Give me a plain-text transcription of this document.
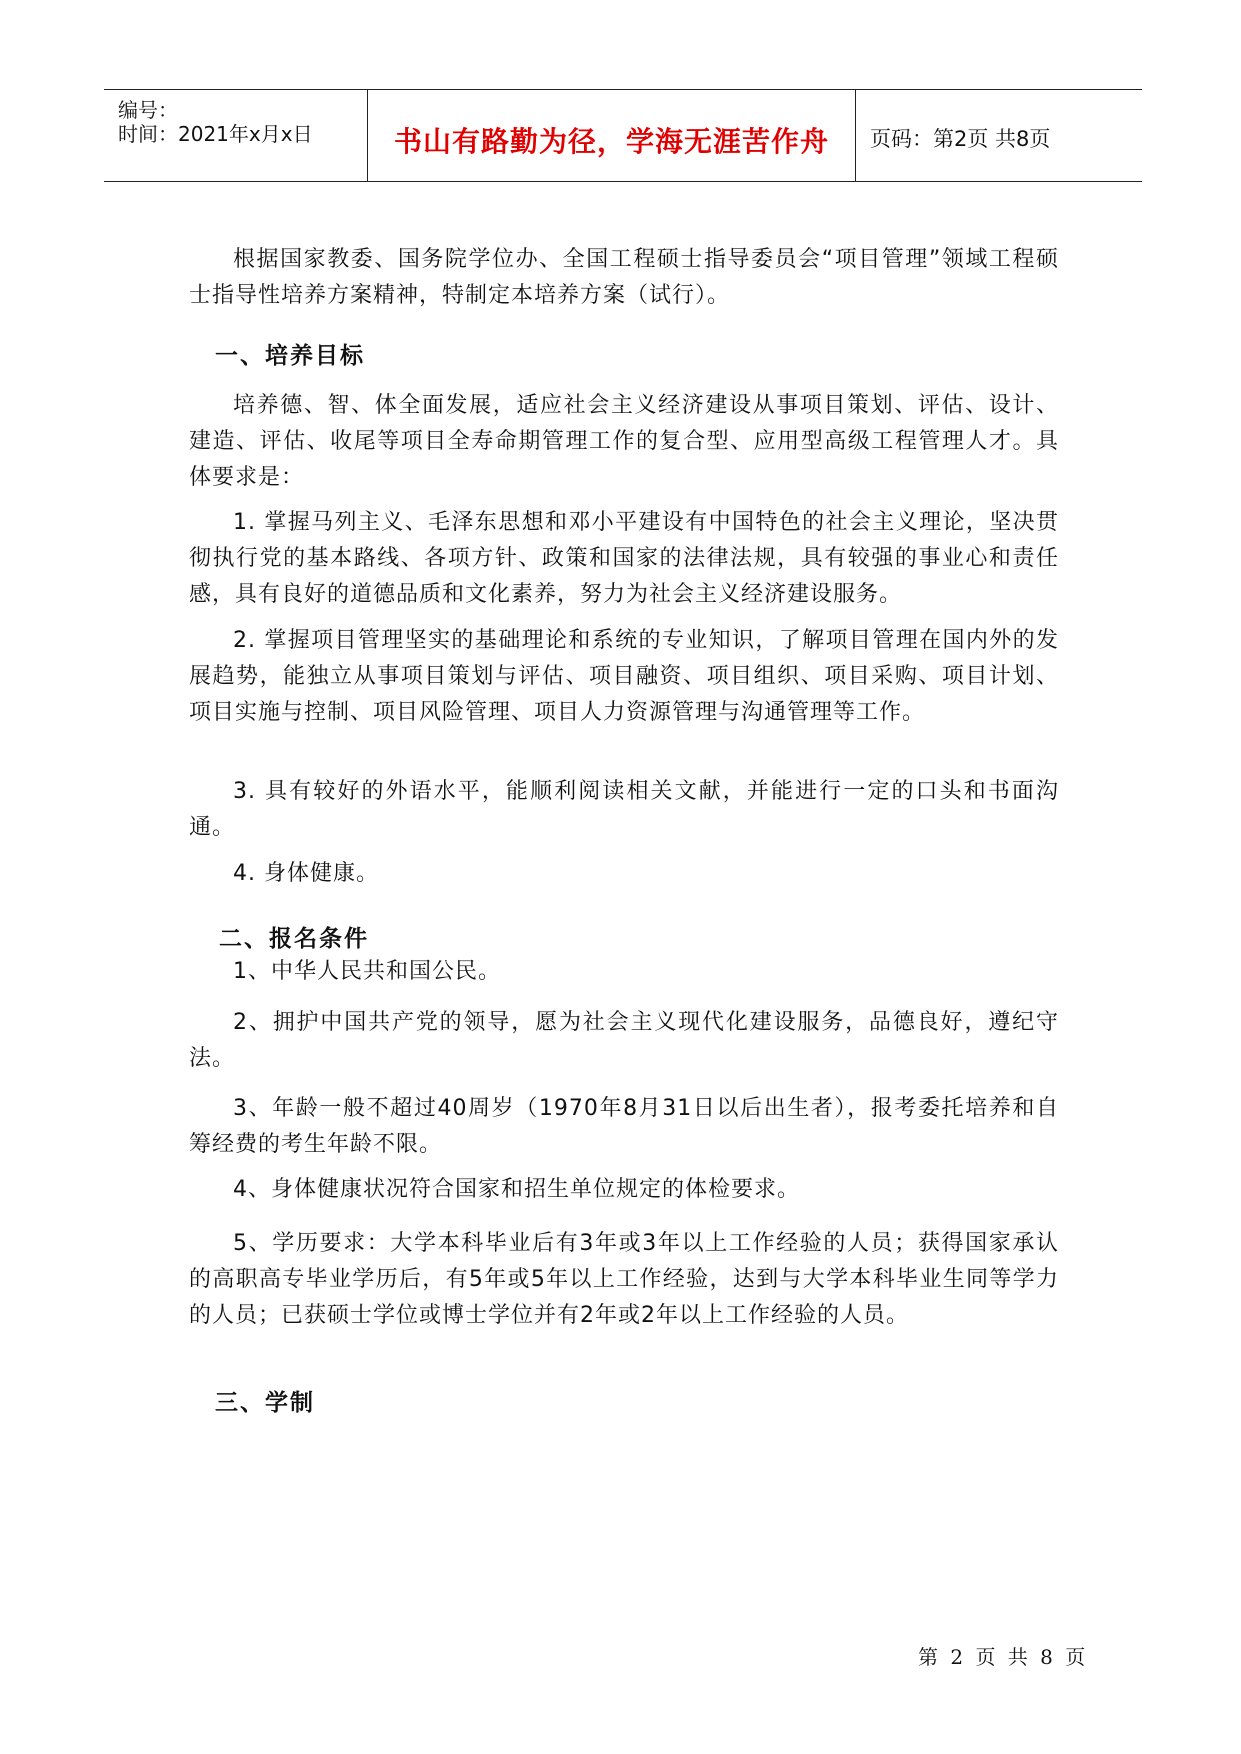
编号：
时间：2021年x月x日	书山有路勤为径，学海无涯苦作舟	页码：第2页 共8页

根据国家教委、国务院学位办、全国工程硕士指导委员会“项目管理”领域工程硕士指导性培养方案精神，特制定本培养方案（试行）。

一、培养目标

培养德、智、体全面发展，适应社会主义经济建设从事项目策划、评估、设计、建造、评估、收尾等项目全寿命期管理工作的复合型、应用型高级工程管理人才。具体要求是：

1. 掌握马列主义、毛泽东思想和邓小平建设有中国特色的社会主义理论，坚决贯彻执行党的基本路线、各项方针、政策和国家的法律法规，具有较强的事业心和责任感，具有良好的道德品质和文化素养，努力为社会主义经济建设服务。

2. 掌握项目管理坚实的基础理论和系统的专业知识，了解项目管理在国内外的发展趋势，能独立从事项目策划与评估、项目融资、项目组织、项目采购、项目计划、项目实施与控制、项目风险管理、项目人力资源管理与沟通管理等工作。

3. 具有较好的外语水平，能顺利阅读相关文献，并能进行一定的口头和书面沟通。

4. 身体健康。

二、报名条件

1、中华人民共和国公民。

2、拥护中国共产党的领导，愿为社会主义现代化建设服务，品德良好，遵纪守法。

3、年龄一般不超过40周岁（1970年8月31日以后出生者），报考委托培养和自筹经费的考生年龄不限。

4、身体健康状况符合国家和招生单位规定的体检要求。

5、学历要求：大学本科毕业后有3年或3年以上工作经验的人员；获得国家承认的高职高专毕业学历后，有5年或5年以上工作经验，达到与大学本科毕业生同等学力的人员；已获硕士学位或博士学位并有2年或2年以上工作经验的人员。

三、学制
第 2 页 共 8 页
